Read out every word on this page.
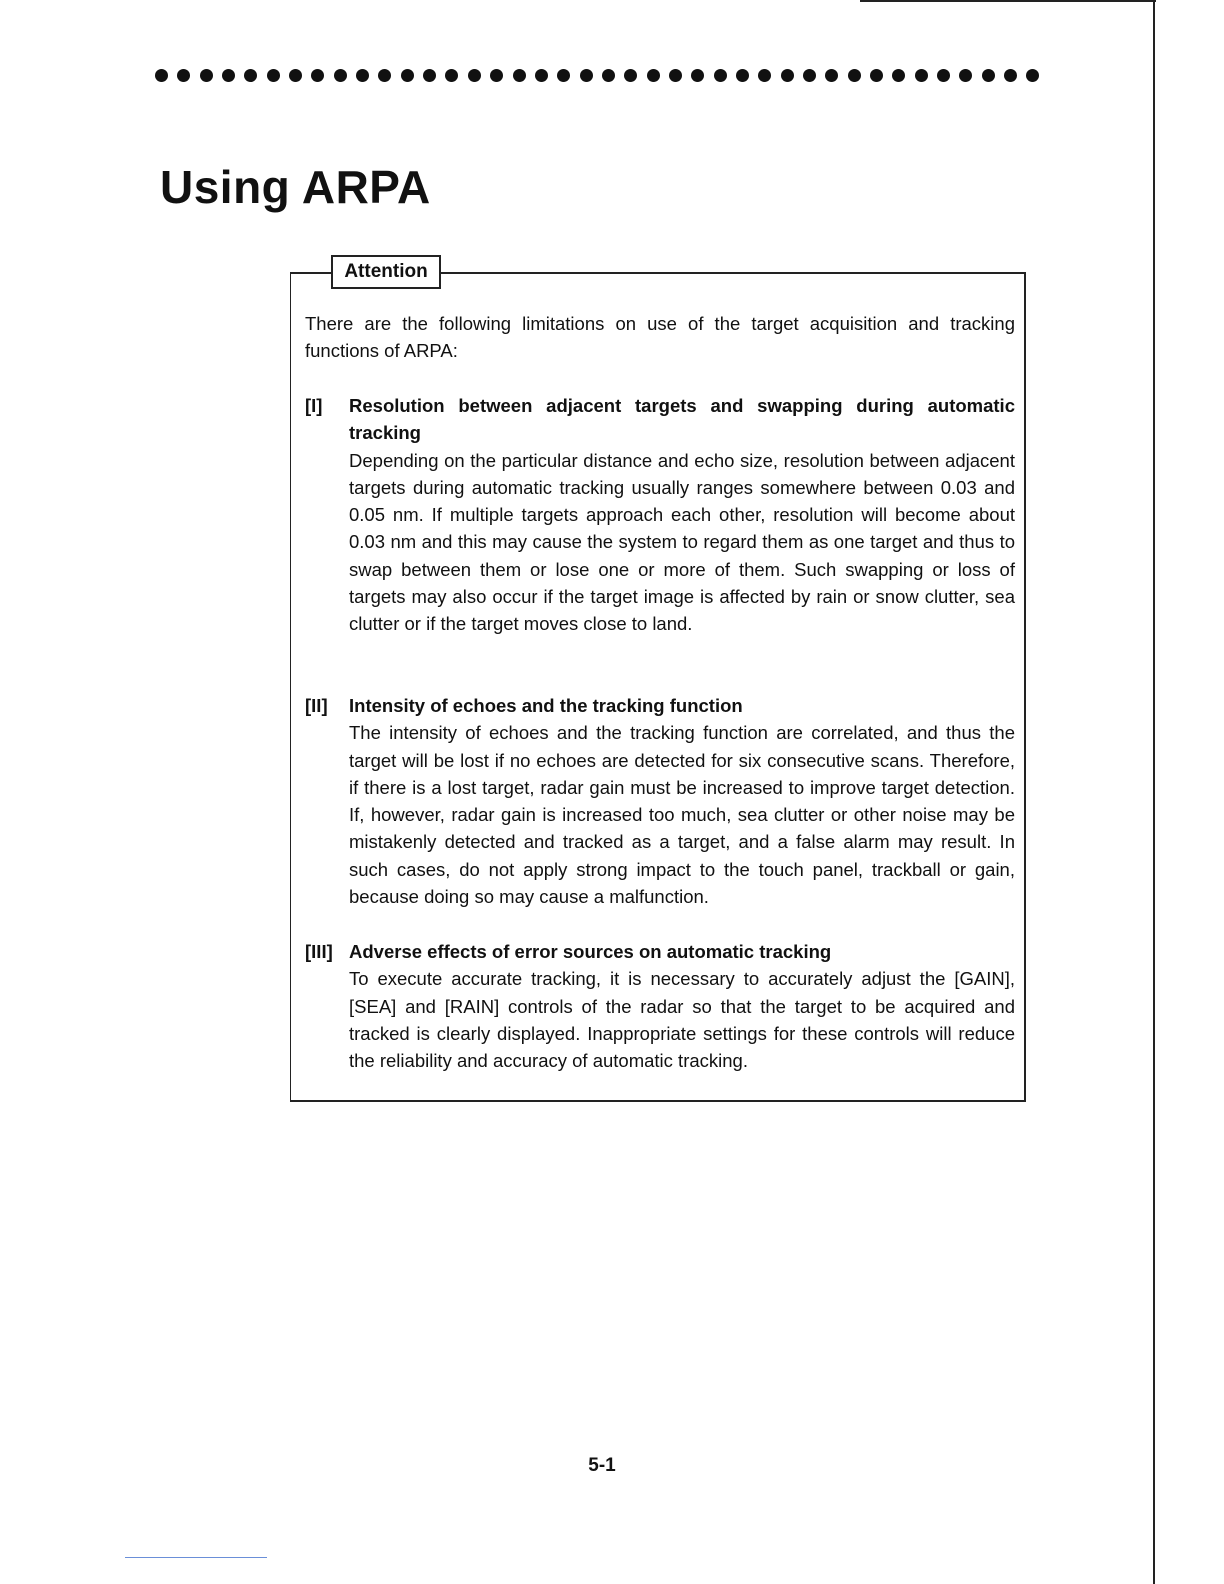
Using ARPA
Attention

There are the following limitations on use of the target acquisition and tracking functions of ARPA:

[I] Resolution between adjacent targets and swapping during automatic tracking

Depending on the particular distance and echo size, resolution between adjacent targets during automatic tracking usually ranges somewhere between 0.03 and 0.05 nm. If multiple targets approach each other, resolution will become about 0.03 nm and this may cause the system to regard them as one target and thus to swap between them or lose one or more of them. Such swapping or loss of targets may also occur if the target image is affected by rain or snow clutter, sea clutter or if the target moves close to land.

[II] Intensity of echoes and the tracking function

The intensity of echoes and the tracking function are correlated, and thus the target will be lost if no echoes are detected for six consecutive scans. Therefore, if there is a lost target, radar gain must be increased to improve target detection. If, however, radar gain is increased too much, sea clutter or other noise may be mistakenly detected and tracked as a target, and a false alarm may result. In such cases, do not apply strong impact to the touch panel, trackball or gain, because doing so may cause a malfunction.

[III] Adverse effects of error sources on automatic tracking

To execute accurate tracking, it is necessary to accurately adjust the [GAIN], [SEA] and [RAIN] controls of the radar so that the target to be acquired and tracked is clearly displayed. Inappropriate settings for these controls will reduce the reliability and accuracy of automatic tracking.

5-1
